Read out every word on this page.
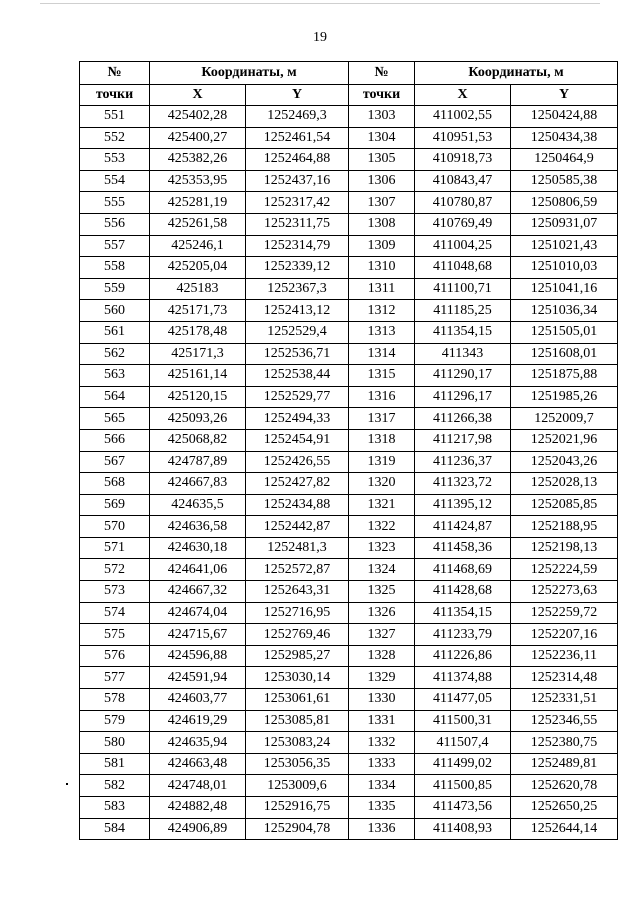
19
№	Координаты, м		№	Координаты, м	
точки	X	Y	точки	X	Y
551	425402,28	1252469,3	1303	411002,55	1250424,88
552	425400,27	1252461,54	1304	410951,53	1250434,38
553	425382,26	1252464,88	1305	410918,73	1250464,9
554	425353,95	1252437,16	1306	410843,47	1250585,38
555	425281,19	1252317,42	1307	410780,87	1250806,59
556	425261,58	1252311,75	1308	410769,49	1250931,07
557	425246,1	1252314,79	1309	411004,25	1251021,43
558	425205,04	1252339,12	1310	411048,68	1251010,03
559	425183	1252367,3	1311	411100,71	1251041,16
560	425171,73	1252413,12	1312	411185,25	1251036,34
561	425178,48	1252529,4	1313	411354,15	1251505,01
562	425171,3	1252536,71	1314	411343	1251608,01
563	425161,14	1252538,44	1315	411290,17	1251875,88
564	425120,15	1252529,77	1316	411296,17	1251985,26
565	425093,26	1252494,33	1317	411266,38	1252009,7
566	425068,82	1252454,91	1318	411217,98	1252021,96
567	424787,89	1252426,55	1319	411236,37	1252043,26
568	424667,83	1252427,82	1320	411323,72	1252028,13
569	424635,5	1252434,88	1321	411395,12	1252085,85
570	424636,58	1252442,87	1322	411424,87	1252188,95
571	424630,18	1252481,3	1323	411458,36	1252198,13
572	424641,06	1252572,87	1324	411468,69	1252224,59
573	424667,32	1252643,31	1325	411428,68	1252273,63
574	424674,04	1252716,95	1326	411354,15	1252259,72
575	424715,67	1252769,46	1327	411233,79	1252207,16
576	424596,88	1252985,27	1328	411226,86	1252236,11
577	424591,94	1253030,14	1329	411374,88	1252314,48
578	424603,77	1253061,61	1330	411477,05	1252331,51
579	424619,29	1253085,81	1331	411500,31	1252346,55
580	424635,94	1253083,24	1332	411507,4	1252380,75
581	424663,48	1253056,35	1333	411499,02	1252489,81
582	424748,01	1253009,6	1334	411500,85	1252620,78
583	424882,48	1252916,75	1335	411473,56	1252650,25
584	424906,89	1252904,78	1336	411408,93	1252644,14
